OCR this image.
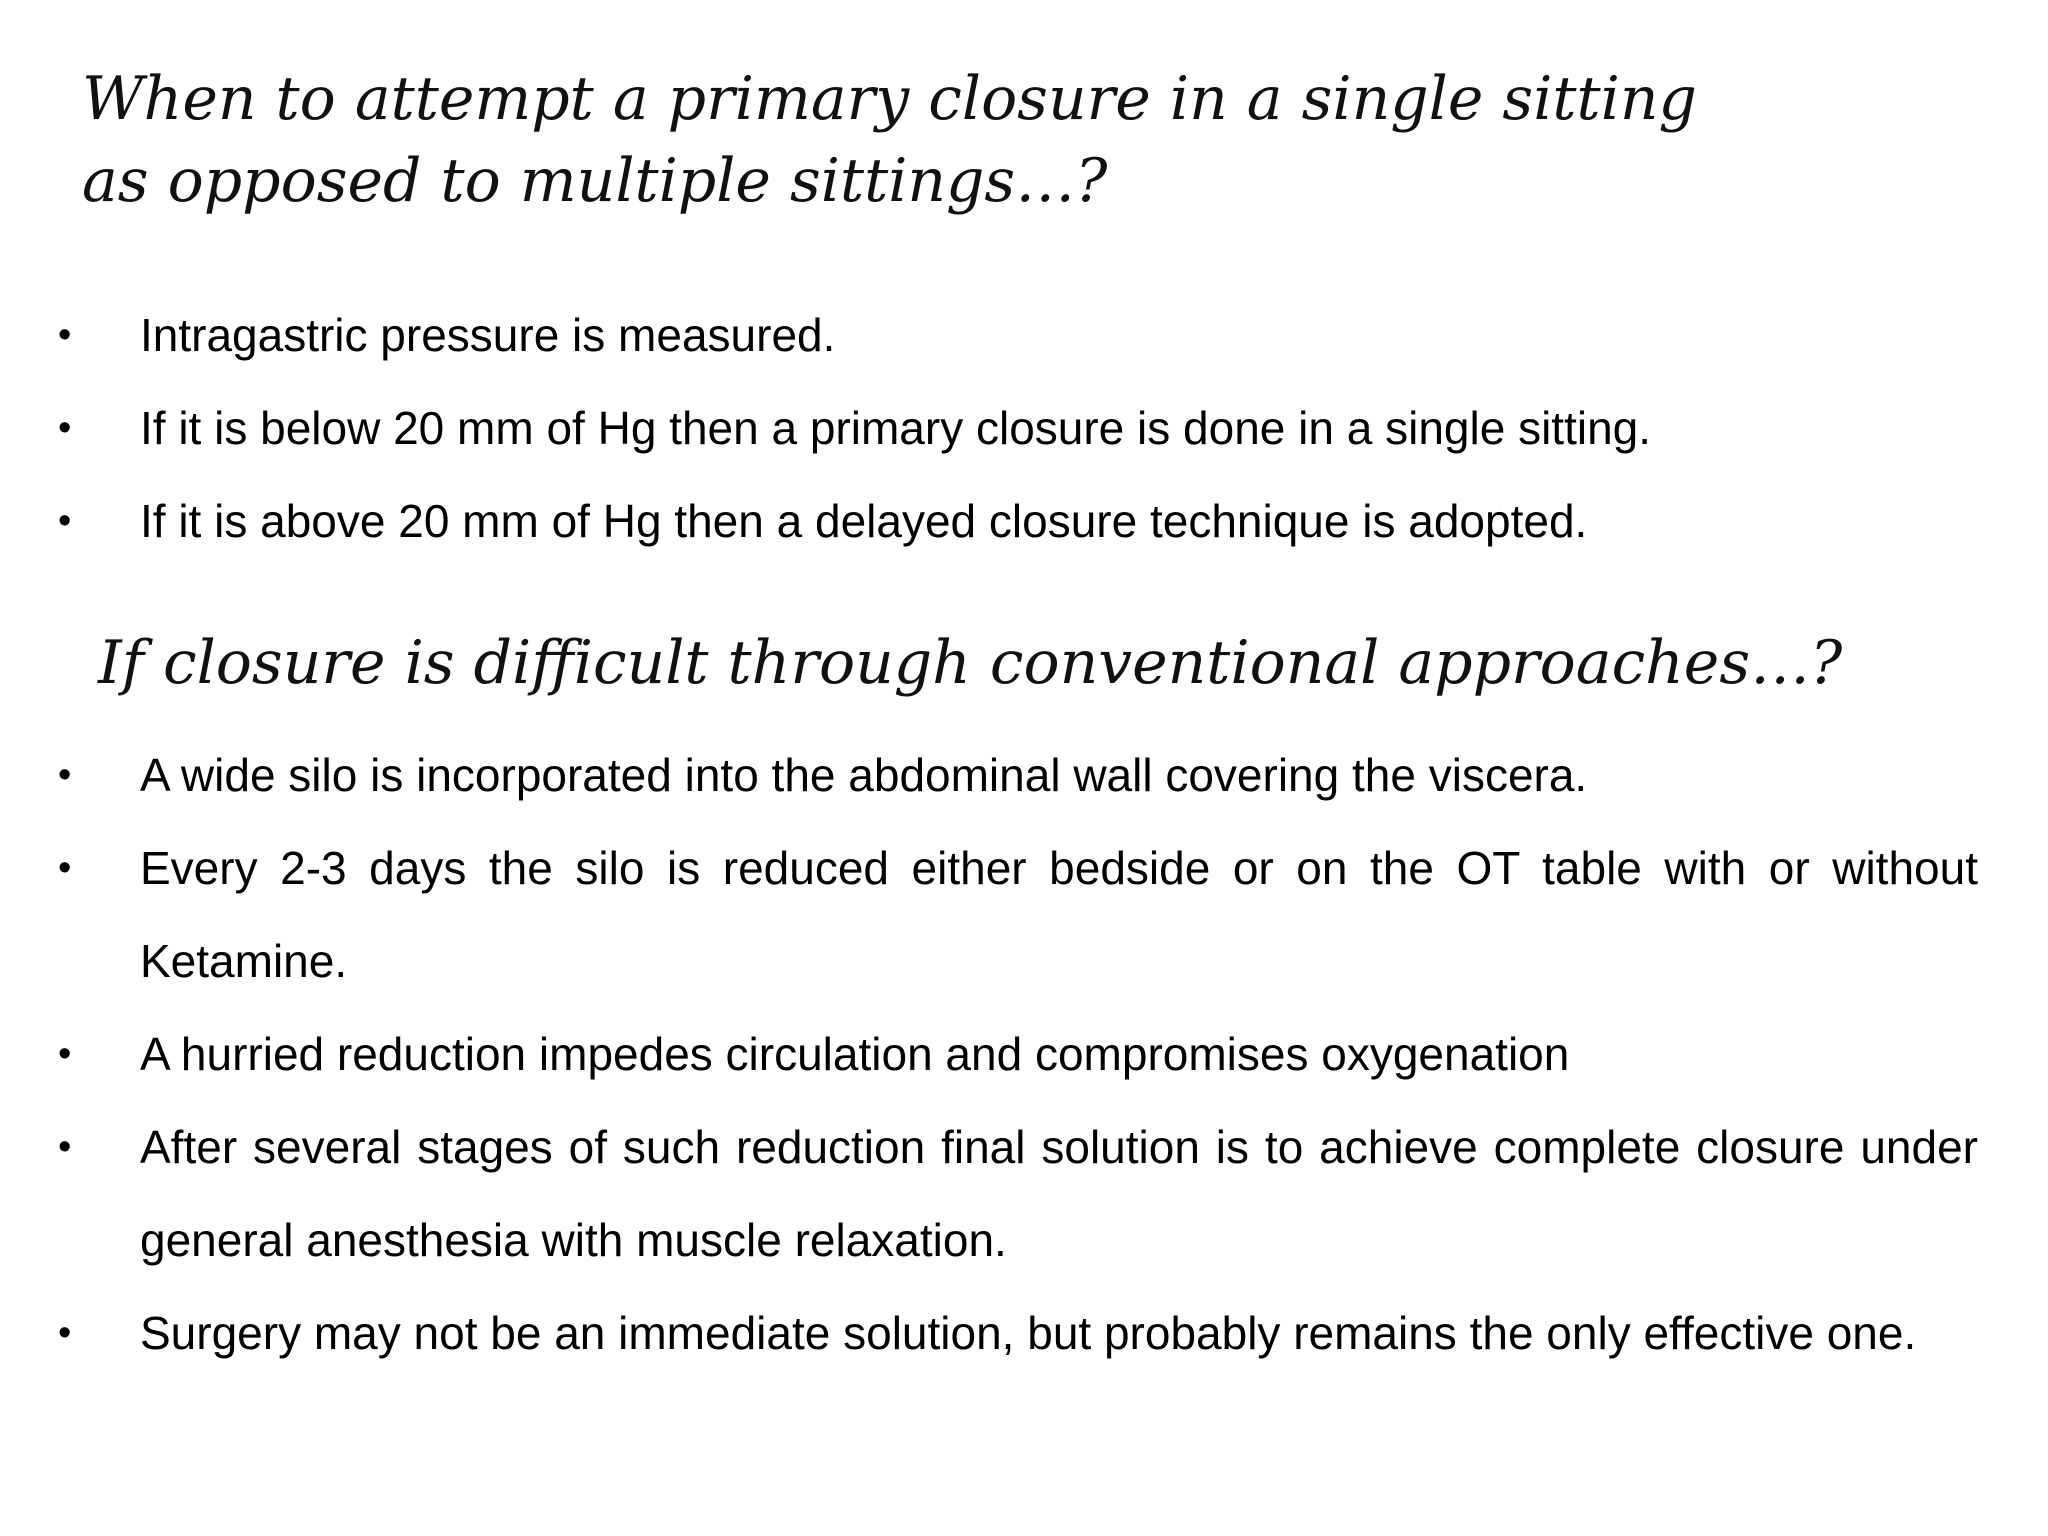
When to attempt a primary closure in a single sitting
as opposed to multiple sittings…?
•	Intragastric pressure is measured.
•	If it is below 20 mm of Hg then a primary closure is done in a single sitting.
•	If it is above 20 mm of Hg then a delayed closure technique is adopted.
If closure is difficult through conventional approaches…?
•	A wide silo is incorporated into the abdominal wall covering the viscera.
•	Every 2-3 days the silo is reduced either bedside or on the OT table with or without Ketamine.
•	A hurried reduction impedes circulation and compromises oxygenation
•	After several stages of such reduction final solution is to achieve complete closure under general anesthesia with muscle relaxation.
•	Surgery may not be an immediate solution, but probably remains the only effective one.
